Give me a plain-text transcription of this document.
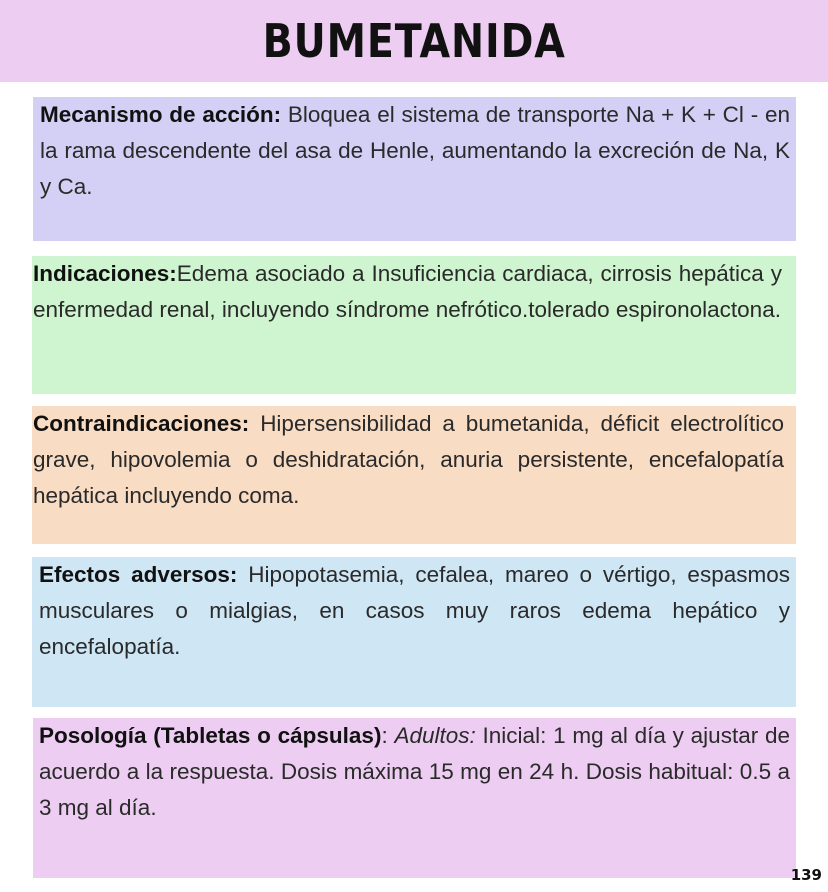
BUMETANIDA
Mecanismo de acción: Bloquea el sistema de transporte Na + K + Cl - en la rama descendente del asa de Henle, aumentando la excreción de Na, K y Ca.
Indicaciones:Edema asociado a Insuficiencia cardiaca, cirrosis hepática y enfermedad renal, incluyendo síndrome nefrótico.tolerado espironolactona.
Contraindicaciones: Hipersensibilidad a bumetanida, déficit electrolítico grave, hipovolemia o deshidratación, anuria persistente, encefalopatía hepática incluyendo coma.
Efectos adversos: Hipopotasemia, cefalea, mareo o vértigo, espasmos musculares o mialgias, en casos muy raros edema hepático y encefalopatía.
Posología (Tabletas o cápsulas): Adultos: Inicial: 1 mg al día y ajustar de acuerdo a la respuesta. Dosis máxima 15 mg en 24 h. Dosis habitual: 0.5 a 3 mg al día.
139
